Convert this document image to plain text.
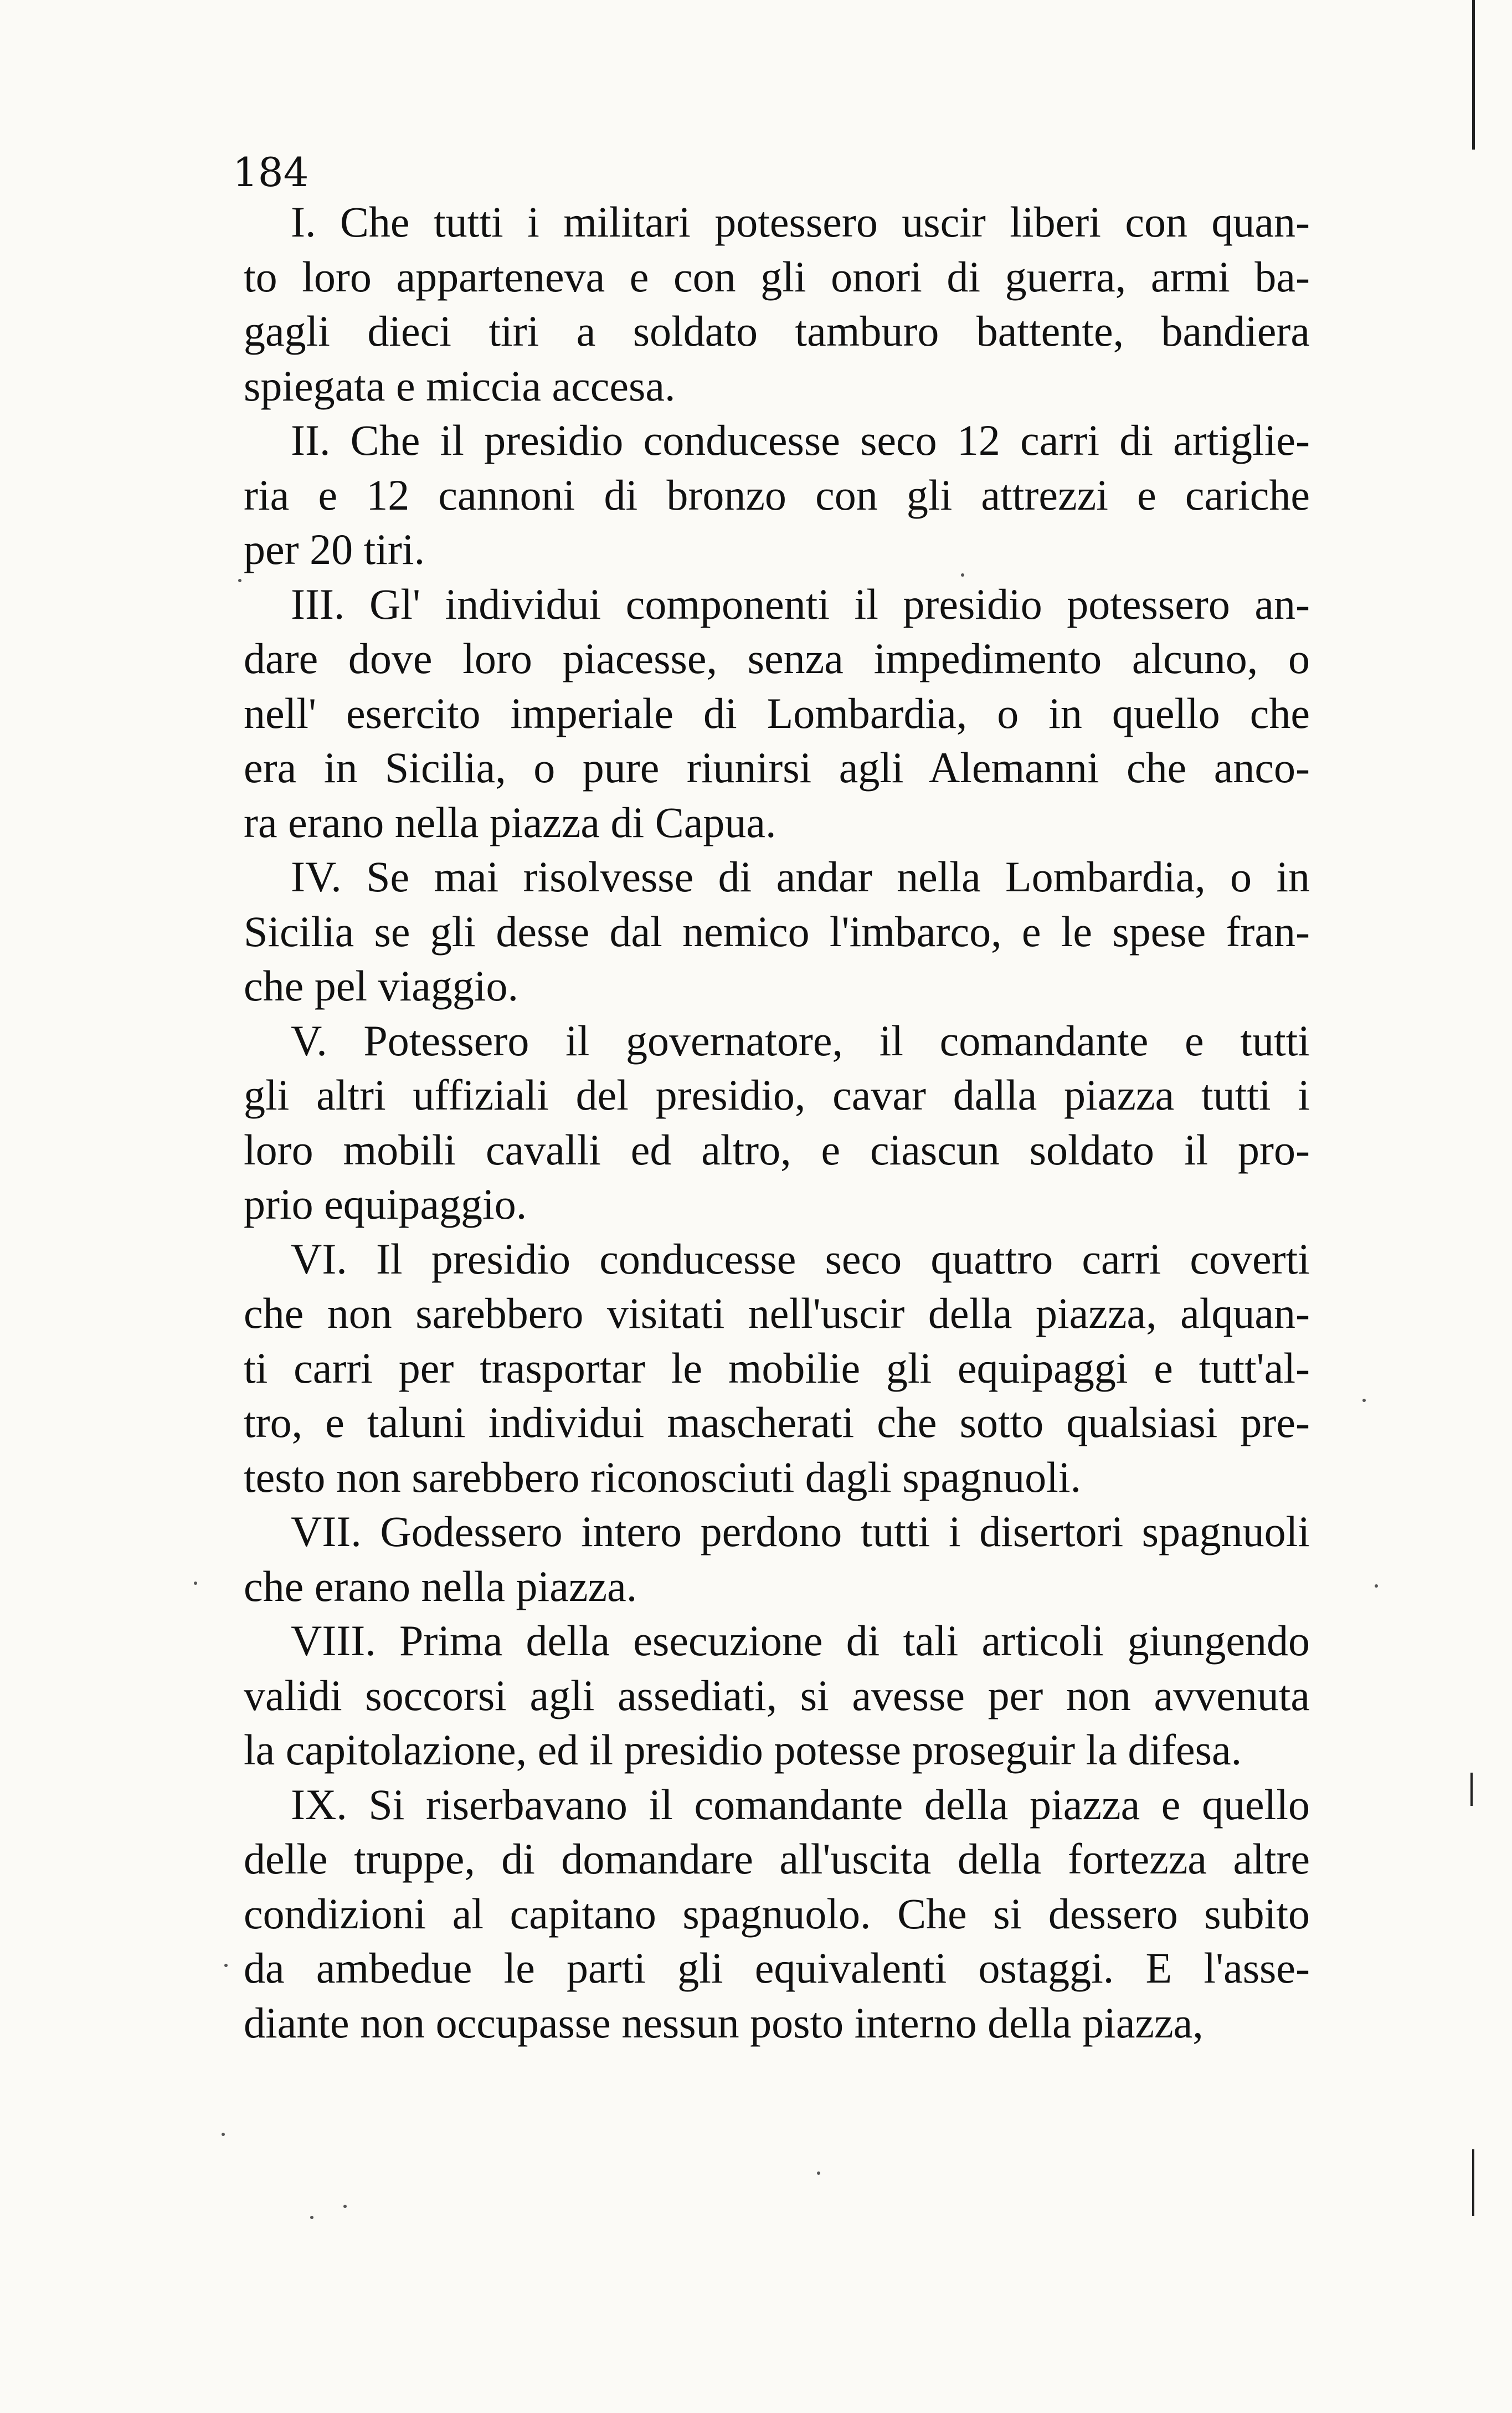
184
I. Che tutti i militari potessero uscir liberi con quan-
to loro apparteneva e con gli onori di guerra, armi ba-
gagli dieci tiri a soldato tamburo battente, bandiera
spiegata e miccia accesa.
II. Che il presidio conducesse seco 12 carri di artiglie-
ria e 12 cannoni di bronzo con gli attrezzi e cariche
per 20 tiri.
III. Gl' individui componenti il presidio potessero an-
dare dove loro piacesse, senza impedimento alcuno, o
nell' esercito imperiale di Lombardia, o in quello che
era in Sicilia, o pure riunirsi agli Alemanni che anco-
ra erano nella piazza di Capua.
IV. Se mai risolvesse di andar nella Lombardia, o in
Sicilia se gli desse dal nemico l'imbarco, e le spese fran-
che pel viaggio.
V. Potessero il governatore, il comandante e tutti
gli altri uffiziali del presidio, cavar dalla piazza tutti i
loro mobili cavalli ed altro, e ciascun soldato il pro-
prio equipaggio.
VI. Il presidio conducesse seco quattro carri coverti
che non sarebbero visitati nell'uscir della piazza, alquan-
ti carri per trasportar le mobilie gli equipaggi e tutt'al-
tro, e taluni individui mascherati che sotto qualsiasi pre-
testo non sarebbero riconosciuti dagli spagnuoli.
VII. Godessero intero perdono tutti i disertori spagnuoli
che erano nella piazza.
VIII. Prima della esecuzione di tali articoli giungendo
validi soccorsi agli assediati, si avesse per non avvenuta
la capitolazione, ed il presidio potesse proseguir la difesa.
IX. Si riserbavano il comandante della piazza e quello
delle truppe, di domandare all'uscita della fortezza altre
condizioni al capitano spagnuolo. Che si dessero subito
da ambedue le parti gli equivalenti ostaggi. E l'asse-
diante non occupasse nessun posto interno della piazza,
